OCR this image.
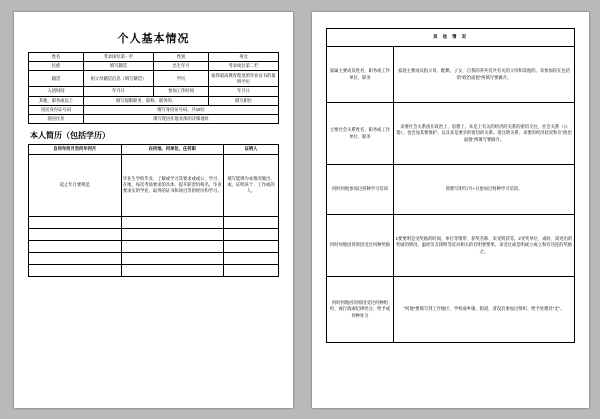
个人基本情况
姓名	考录岗位第一栏	性别	男女
民族	填写籍贯	出生年月	考录岗位第二栏
籍贯	祖父母籍贯信息（填写籍贯）	学历	取得最高教育程度的毕业证书的最终学历
入团时间	年月日	参加工作时间	年月日
其他、职务或以上	填写现职职务、职称、职务的、		填写职位
居民身份证号码	填写身份证号码，共18位		
现居住址	填写现居住地具体的详细地址		
本人简历（包括学历）
自何年何月至何年何月	在何地、何单位、任何职	证明人
起止年月要规范	毕业生学校毕业、了解或学习其要求或或公、学习、在地、每次考场要求的具体，提升职责机构名、毕业要求实的学业、取得的证书和项目等的经历和学习。	填写能够为本情况做出、或、证明该个、工作或的人。

其 他 情 况	
家属主要成员姓名、职务或工作单位、职务	家庭主要成员指父母、配偶、子女、自我的养共有共有关的父母和其他的。来参加你在包括的"政治面貌"两填写要做介。
主要社会关系姓名、职务或工作单位、职务	来要社会关系指在政治上、思想上、来是上有关的经济的关系的密切交往，社会关系（公婆）、也会加其要保护、以及来是要亲的密切的关系。请注明关系、来要的经济状况和在"政治面貌"两填写要做介。
何时何地参加过何种学习培训	简要写明年/月+日参加过何种学习培训。
何时何地因何原因受过何种奖励	1要要明是受奖励的时间、单位等情形、获奖名称、来受明获等。2受奖单位、或时、简述出的奖励的情况、温经历支援明等反对相关的有明要要果、来受过或是明或立或立和有功连的奖励之。
何时何地因何原因受过何种组织、或行政或纪律处分、给予或何种处分	"何地"要填写到工作地区、学校或乡镇、街道，普没有参加过组织、给予处理处"无"。
